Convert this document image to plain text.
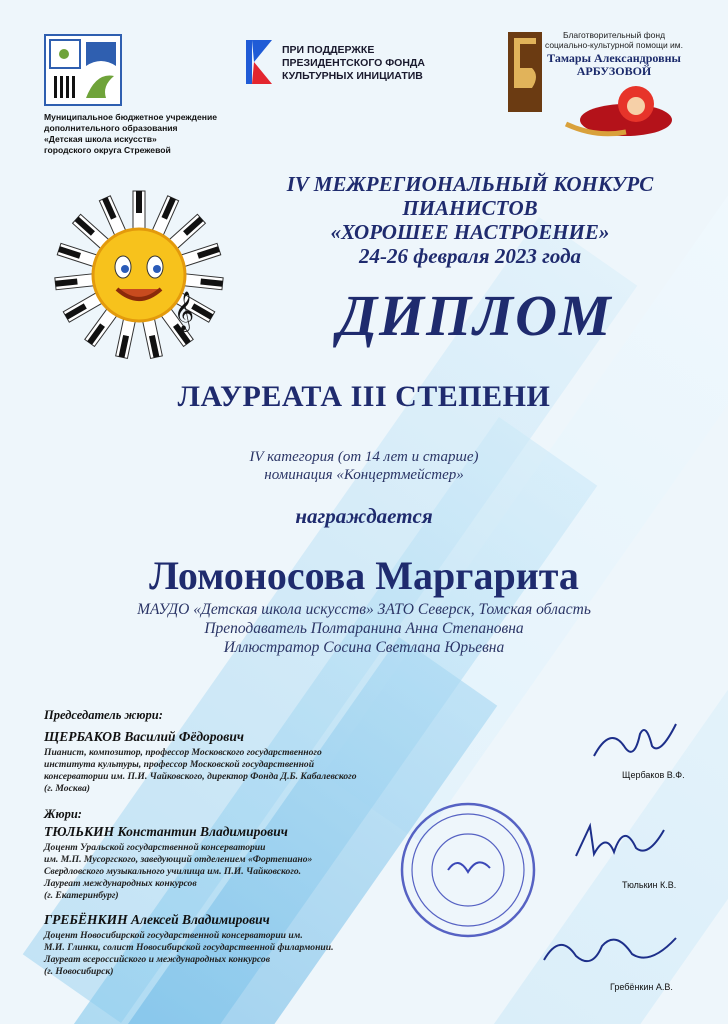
Муниципальное бюджетное учреждение
дополнительного образования
«Детская школа искусств»
городского округа Стрежевой
ПРИ ПОДДЕРЖКЕ
ПРЕЗИДЕНТСКОГО ФОНДА
КУЛЬТУРНЫХ ИНИЦИАТИВ
Благотворительный фонд социально-культурной помощи им.
Тамары Александровны АРБУЗОВОЙ
𝄞
IV МЕЖРЕГИОНАЛЬНЫЙ КОНКУРС
ПИАНИСТОВ
«ХОРОШЕЕ НАСТРОЕНИЕ»
24-26 февраля 2023 года
ДИПЛОМ
ЛАУРЕАТА III СТЕПЕНИ
IV категория (от 14 лет и старше)
номинация «Концертмейстер»
награждается
Ломоносова Маргарита
МАУДО «Детская школа искусств» ЗАТО Северск, Томская область
Преподаватель Полтаранина Анна Степановна
Иллюстратор Сосина Светлана Юрьевна

Председатель жюри:

ЩЕРБАКОВ Василий Фёдорович

Пианист, композитор, профессор Московского государственного
института культуры, профессор Московской государственной
консерватории им. П.И. Чайковского, директор Фонда Д.Б. Кабалевского
(г. Москва)

Жюри:

ТЮЛЬКИН Константин Владимирович

Доцент Уральской государственной консерватории
им. М.П. Мусоргского, заведующий отделением «Фортепиано»
Свердловского музыкального училища им. П.И. Чайковского.
Лауреат международных конкурсов
(г. Екатеринбург)

ГРЕБЁНКИН Алексей Владимирович

Доцент Новосибирской государственной консерватории им.
М.И. Глинки, солист Новосибирской государственной филармонии.
Лауреат всероссийского и международных конкурсов
(г. Новосибирск)

Щербаков В.Ф.
Тюлькин К.В.
Гребёнкин А.В.
